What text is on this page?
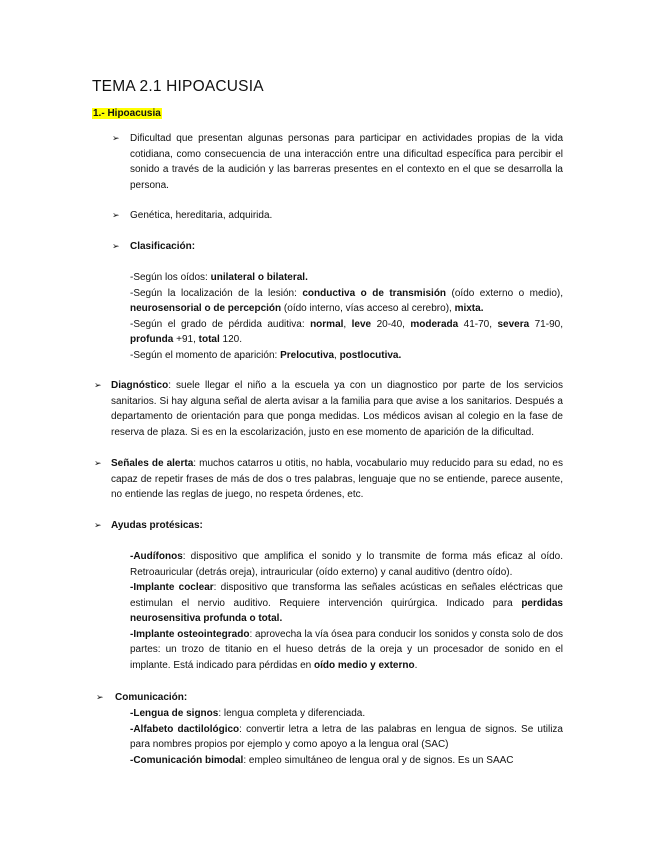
TEMA 2.1 HIPOACUSIA
1.- Hipoacusia
➢ Dificultad que presentan algunas personas para participar en actividades propias de la vida cotidiana, como consecuencia de una interacción entre una dificultad específica para percibir el sonido a través de la audición y las barreras presentes en el contexto en el que se desarrolla la persona.
➢ Genética, hereditaria, adquirida.
➢ Clasificación:
-Según los oídos: unilateral o bilateral.
-Según la localización de la lesión: conductiva o de transmisión (oído externo o medio), neurosensorial o de percepción (oído interno, vías acceso al cerebro), mixta.
-Según el grado de pérdida auditiva: normal, leve 20-40, moderada 41-70, severa 71-90, profunda +91, total 120.
-Según el momento de aparición: Prelocutiva, postlocutiva.
➢ Diagnóstico: suele llegar el niño a la escuela ya con un diagnostico por parte de los servicios sanitarios. Si hay alguna señal de alerta avisar a la familia para que avise a los sanitarios. Después a departamento de orientación para que ponga medidas. Los médicos avisan al colegio en la fase de reserva de plaza. Si es en la escolarización, justo en ese momento de aparición de la dificultad.
➢ Señales de alerta: muchos catarros u otitis, no habla, vocabulario muy reducido para su edad, no es capaz de repetir frases de más de dos o tres palabras, lenguaje que no se entiende, parece ausente, no entiende las reglas de juego, no respeta órdenes, etc.
➢ Ayudas protésicas:
-Audífonos: dispositivo que amplifica el sonido y lo transmite de forma más eficaz al oído. Retroauricular (detrás oreja), intrauricular (oído externo) y canal auditivo (dentro oído).
-Implante coclear: dispositivo que transforma las señales acústicas en señales eléctricas que estimulan el nervio auditivo. Requiere intervención quirúrgica. Indicado para perdidas neurosensitiva profunda o total.
-Implante osteointegrado: aprovecha la vía ósea para conducir los sonidos y consta solo de dos partes: un trozo de titanio en el hueso detrás de la oreja y un procesador de sonido en el implante. Está indicado para pérdidas en oído medio y externo.
➢ Comunicación:
-Lengua de signos: lengua completa y diferenciada.
-Alfabeto dactilológico: convertir letra a letra de las palabras en lengua de signos. Se utiliza para nombres propios por ejemplo y como apoyo a la lengua oral (SAC)
-Comunicación bimodal: empleo simultáneo de lengua oral y de signos. Es un SAAC
